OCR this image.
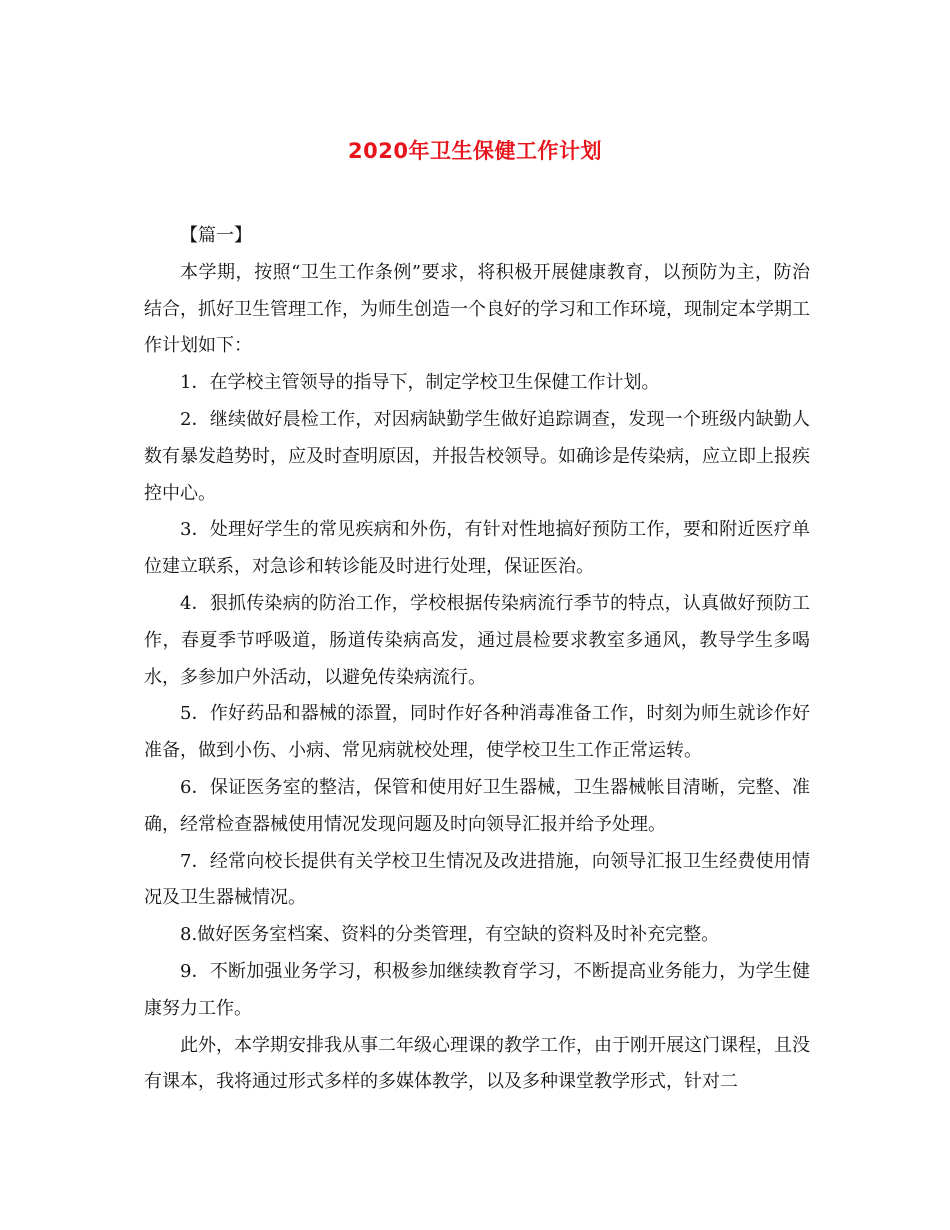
2020年卫生保健工作计划

【篇一】

本学期，按照“卫生工作条例”要求，将积极开展健康教育，以预防为主，防治结合，抓好卫生管理工作，为师生创造一个良好的学习和工作环境，现制定本学期工作计划如下：

1．在学校主管领导的指导下，制定学校卫生保健工作计划。

2．继续做好晨检工作，对因病缺勤学生做好追踪调查，发现一个班级内缺勤人数有暴发趋势时，应及时查明原因，并报告校领导。如确诊是传染病，应立即上报疾控中心。

3．处理好学生的常见疾病和外伤，有针对性地搞好预防工作，要和附近医疗单位建立联系，对急诊和转诊能及时进行处理，保证医治。

4．狠抓传染病的防治工作，学校根据传染病流行季节的特点，认真做好预防工作，春夏季节呼吸道，肠道传染病高发，通过晨检要求教室多通风，教导学生多喝水，多参加户外活动，以避免传染病流行。

5．作好药品和器械的添置，同时作好各种消毒准备工作，时刻为师生就诊作好准备，做到小伤、小病、常见病就校处理，使学校卫生工作正常运转。

6．保证医务室的整洁，保管和使用好卫生器械，卫生器械帐目清晰，完整、准确，经常检查器械使用情况发现问题及时向领导汇报并给予处理。

7．经常向校长提供有关学校卫生情况及改进措施，向领导汇报卫生经费使用情况及卫生器械情况。

8.做好医务室档案、资料的分类管理，有空缺的资料及时补充完整。

9．不断加强业务学习，积极参加继续教育学习，不断提高业务能力，为学生健康努力工作。

此外，本学期安排我从事二年级心理课的教学工作，由于刚开展这门课程，且没有课本，我将通过形式多样的多媒体教学，以及多种课堂教学形式，针对二
